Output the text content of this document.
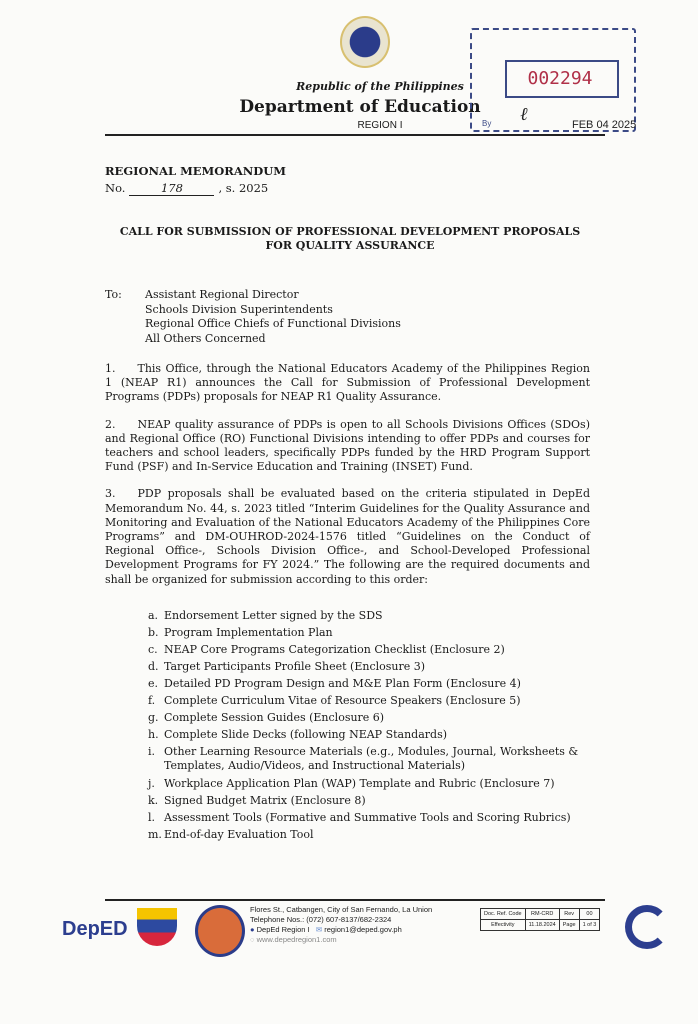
Republic of the Philippines
Department of Education
REGION I
002294
By ℓ	FEB 04 2025
REGIONAL MEMORANDUM
No.	178	, s. 2025
CALL FOR SUBMISSION OF PROFESSIONAL DEVELOPMENT PROPOSALS
FOR QUALITY ASSURANCE
To: Assistant Regional Director
Schools Division Superintendents
Regional Office Chiefs of Functional Divisions
All Others Concerned
1.  This Office, through the National Educators Academy of the Philippines Region 1 (NEAP R1) announces the Call for Submission of Professional Development Programs (PDPs) proposals for NEAP R1 Quality Assurance.
2.  NEAP quality assurance of PDPs is open to all Schools Divisions Offices (SDOs) and Regional Office (RO) Functional Divisions intending to offer PDPs and courses for teachers and school leaders, specifically PDPs funded by the HRD Program Support Fund (PSF) and In-Service Education and Training (INSET) Fund.
3.  PDP proposals shall be evaluated based on the criteria stipulated in DepEd Memorandum No. 44, s. 2023 titled “Interim Guidelines for the Quality Assurance and Monitoring and Evaluation of the National Educators Academy of the Philippines Core Programs” and DM-OUHROD-2024-1576 titled “Guidelines on the Conduct of Regional Office-, Schools Division Office-, and School-Developed Professional Development Programs for FY 2024.” The following are the required documents and shall be organized for submission according to this order:
a. Endorsement Letter signed by the SDS
b. Program Implementation Plan
c. NEAP Core Programs Categorization Checklist (Enclosure 2)
d. Target Participants Profile Sheet (Enclosure 3)
e. Detailed PD Program Design and M&E Plan Form (Enclosure 4)
f. Complete Curriculum Vitae of Resource Speakers (Enclosure 5)
g. Complete Session Guides (Enclosure 6)
h. Complete Slide Decks (following NEAP Standards)
i. Other Learning Resource Materials (e.g., Modules, Journal, Worksheets & Templates, Audio/Videos, and Instructional Materials)
j. Workplace Application Plan (WAP) Template and Rubric (Enclosure 7)
k. Signed Budget Matrix (Enclosure 8)
l. Assessment Tools (Formative and Summative Tools and Scoring Rubrics)
m. End-of-day Evaluation Tool
DepED
Flores St., Catbangen, City of San Fernando, La Union
Telephone Nos.: (072) 607-8137/682-2324
● DepEd Region I ✉ region1@deped.gov.ph
◌ www.depedregion1.com
Doc. Ref. Code	RM-CRD	Rev	00
Effectivity	11.18.2024	Page	1 of 3
